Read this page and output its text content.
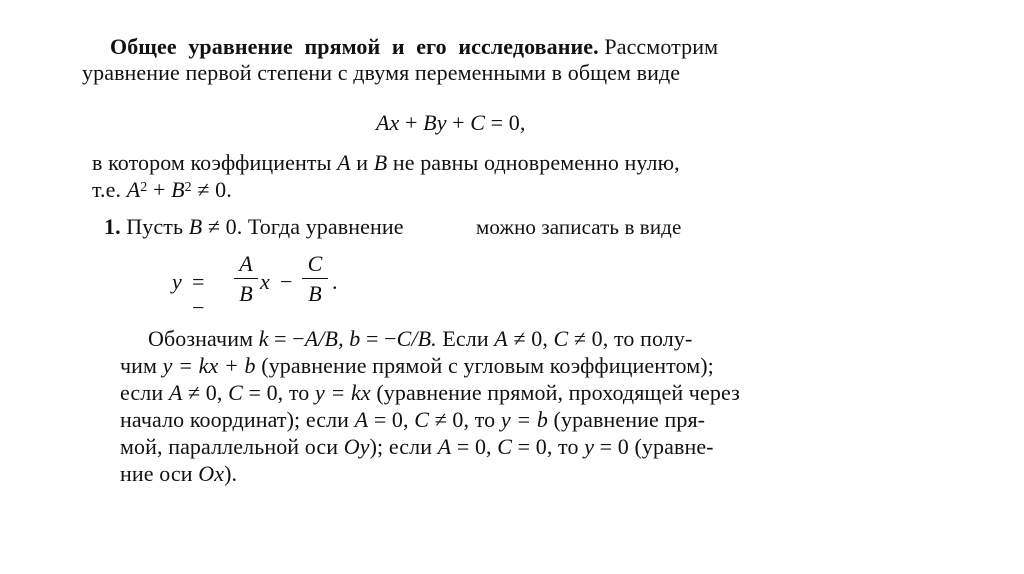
Общее уравнение прямой и его исследование. Рассмотрим
уравнение первой степени с двумя переменными в общем виде
Ax + By + C = 0,
в котором коэффициенты A и B не равны одновременно нулю,
т.е. $A^2 + B^2 \ne 0$.
1. Пусть B ≠ 0. Тогда уравнение	можно записать в виде
y = −
A
B x −
C
B .
Обозначим k = −A/B, b = −C/B. Если A ≠ 0, C ≠ 0, то полу-
чим y = kx + b (уравнение прямой с угловым коэффициентом);
если A ≠ 0, C = 0, то y = kx (уравнение прямой, проходящей через
начало координат); если A = 0, C ≠ 0, то y = b (уравнение пря-
мой, параллельной оси Oy); если A = 0, C = 0, то y = 0 (уравне-
ние оси Ox).
